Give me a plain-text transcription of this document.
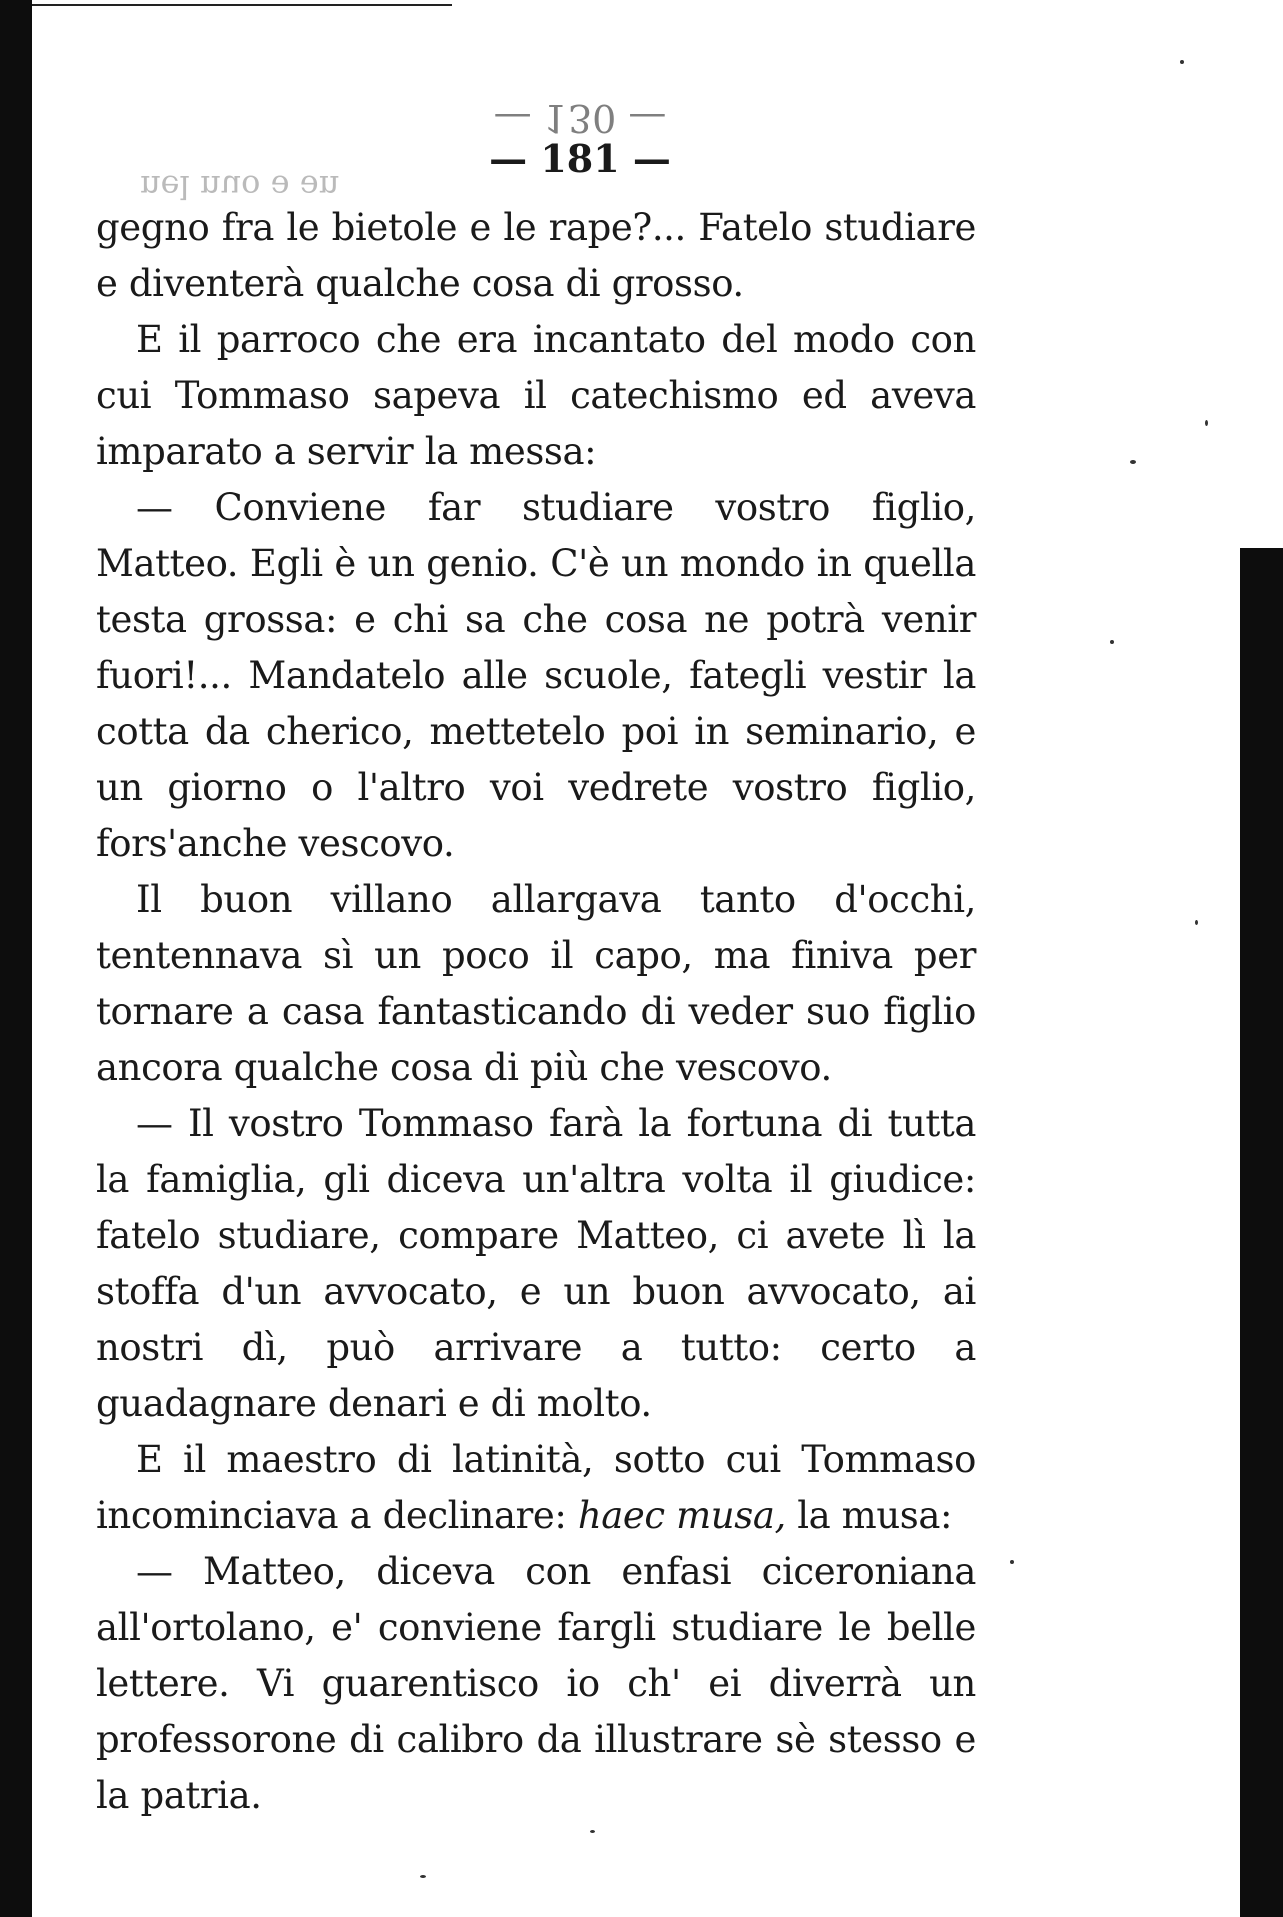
— 130 —
— 181 —
nel nuo ə ən

gegno fra le bietole e le rape?... Fatelo studiare e diventerà qualche cosa di grosso.

E il parroco che era incantato del modo con cui Tommaso sapeva il catechismo ed aveva imparato a servir la messa:

— Conviene far studiare vostro figlio, Matteo. Egli è un genio. C'è un mondo in quella testa grossa: e chi sa che cosa ne potrà venir fuori!... Mandatelo alle scuole, fategli vestir la cotta da cherico, mettetelo poi in seminario, e un giorno o l'altro voi vedrete vostro figlio, fors'anche vescovo.

Il buon villano allargava tanto d'occhi, tentennava sì un poco il capo, ma finiva per tornare a casa fantasticando di veder suo figlio ancora qualche cosa di più che vescovo.

— Il vostro Tommaso farà la fortuna di tutta la famiglia, gli diceva un'altra volta il giudice: fatelo studiare, compare Matteo, ci avete lì la stoffa d'un avvocato, e un buon avvocato, ai nostri dì, può arrivare a tutto: certo a guadagnare denari e di molto.

E il maestro di latinità, sotto cui Tommaso incominciava a declinare: haec musa, la musa:

— Matteo, diceva con enfasi ciceroniana all'ortolano, e' conviene fargli studiare le belle lettere. Vi guarentisco io ch' ei diverrà un professorone di calibro da illustrare sè stesso e la patria.
